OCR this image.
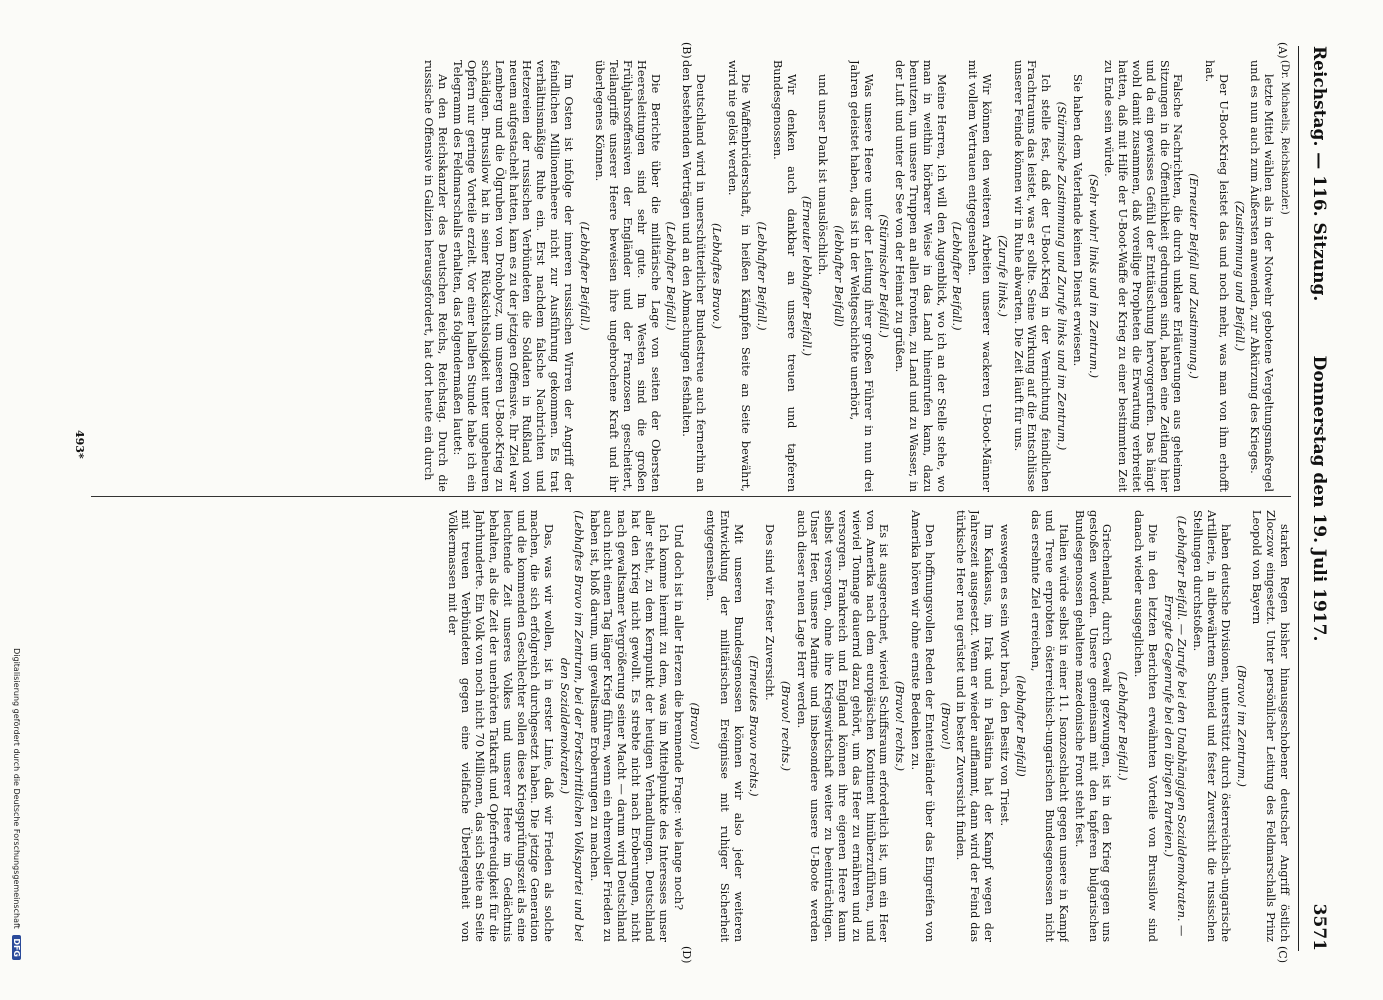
Reichstag. — 116. Sitzung.
Donnerstag den 19. Juli 1917.
3571
(A)
(B)
(C)
(D)

(Dr. Michaelis, Reichskanzler.)

letzte Mittel wählen als in der Notwehr gebotene Vergeltungsmaßregel und es nun auch zum Äußersten anwenden, zur Abkürzung des Krieges.

(Zustimmung und Beifall.)

Der U-Boot-Krieg leistet das und noch mehr, was man von ihm erhofft hat.

(Erneuter Beifall und Zustimmung.)

Falsche Nachrichten, die durch unklare Erläuterungen aus geheimen Sitzungen in die Öffentlichkeit gedrungen sind, haben eine Zeitlang hier und da ein gewisses Gefühl der Enttäuschung hervorgerufen. Das hängt wohl damit zusammen, daß voreilige Propheten die Erwartung verbreitet hatten, daß mit Hilfe der U-Boot-Waffe der Krieg zu einer bestimmten Zeit zu Ende sein würde.

(Sehr wahr! links und im Zentrum.)

Sie haben dem Vaterlande keinen Dienst erwiesen.

(Stürmische Zustimmung und Zurufe links und im Zentrum.)

Ich stelle fest, daß der U-Boot-Krieg in der Vernichtung feindlichen Frachtraums das leistet, was er sollte. Seine Wirkung auf die Entschlüsse unserer Feinde können wir in Ruhe abwarten. Die Zeit läuft für uns.

(Zurufe links.)

Wir können den weiteren Arbeiten unserer wackeren U-Boot-Männer mit vollem Vertrauen entgegensehen.

(Lebhafter Beifall.)

Meine Herren, ich will den Augenblick, wo ich an der Stelle stehe, wo man in weithin hörbarer Weise in das Land hineinrufen kann, dazu benutzen, um unsere Truppen an allen Fronten, zu Land und zu Wasser, in der Luft und unter der See von der Heimat zu grüßen.

(Stürmischer Beifall.)

Was unsere Heere unter der Leitung ihrer großen Führer in nun drei Jahren geleistet haben, das ist in der Weltgeschichte unerhört,

(lebhafter Beifall)

und unser Dank ist unauslöschlich.

(Erneuter lebhafter Beifall.)

Wir denken auch dankbar an unsere treuen und tapferen Bundesgenossen.

(Lebhafter Beifall.)

Die Waffenbrüderschaft, in heißen Kämpfen Seite an Seite bewährt, wird nie gelöst werden.

(Lebhaftes Bravo.)

Deutschland wird in unerschütterlicher Bundestreue auch fernerhin an den bestehenden Verträgen und an den Abmachungen festhalten.

(Lebhafter Beifall.)

Die Berichte über die militärische Lage von seiten der Obersten Heeresleitungen sind sehr gute. Im Westen sind die großen Frühjahrsoffensiven der Engländer und der Franzosen gescheitert, Teilangriffe unserer Heere beweisen ihre ungebrochene Kraft und ihr überlegenes Können.

(Lebhafter Beifall.)

Im Osten ist infolge der inneren russischen Wirren der Angriff der feindlichen Millionenheere nicht zur Ausführung gekommen. Es trat verhältnismäßige Ruhe ein. Erst nachdem falsche Nachrichten und Hetzereien der russischen Verbündeten die Soldaten in Rußland von neuem aufgestachelt hatten, kam es zu der jetzigen Offensive. Ihr Ziel war Lemberg und die Ölgruben von Drohobycz, um unseren U-Boot-Krieg zu schädigen. Brussilow hat in seiner Rücksichtslosigkeit unter ungeheuren Opfern nur geringe Vorteile erzielt. Vor einer halben Stunde habe ich ein Telegramm des Feldmarschalls erhalten, das folgendermaßen lautet:

An den Reichskanzler des Deutschen Reichs, Reichstag. Durch die russische Offensive in Galizien herausgefordert, hat dort heute ein durch

starken Regen bisher hinausgeschobener deutscher Angriff östlich Zloczow eingesetzt. Unter persönlicher Leitung des Feldmarschalls Prinz Leopold von Bayern

(Bravo! im Zentrum.)

haben deutsche Divisionen, unterstützt durch österreichisch-ungarische Artillerie, in altbewährtem Schneid und fester Zuversicht die russischen Stellungen durchstoßen.

(Lebhafter Beifall. — Zurufe bei den Unabhängigen Sozialdemokraten. — Erregte Gegenrufe bei den übrigen Parteien.)

Die in den letzten Berichten erwähnten Vorteile von Brussilow sind danach wieder ausgeglichen.

(Lebhafter Beifall.)

Griechenland, durch Gewalt gezwungen, ist in den Krieg gegen uns gestoßen worden. Unsere gemeinsam mit den tapferen bulgarischen Bundesgenossen gehaltene mazedonische Front steht fest.

Italien würde selbst in einer 11. Isonzoschlacht gegen unsere in Kampf und Treue erprobten österreichisch-ungarischen Bundesgenossen nicht das ersehnte Ziel erreichen,

(lebhafter Beifall)

weswegen es sein Wort brach, den Besitz von Triest.

Im Kaukasus, im Irak und in Palästina hat der Kampf wegen der Jahreszeit ausgesetzt. Wenn er wieder aufflammt, dann wird der Feind das türkische Heer neu gerüstet und in bester Zuversicht finden.

(Bravo!)

Den hoffnungsvollen Reden der Ententeländer über das Eingreifen von Amerika hören wir ohne ernste Bedenken zu.

(Bravo! rechts.)

Es ist ausgerechnet, wieviel Schiffsraum erforderlich ist, um ein Heer von Amerika nach dem europäischen Kontinent hinüberzuführen, und wieviel Tonnage dauernd dazu gehört, um das Heer zu ernähren und zu versorgen. Frankreich und England können ihre eigenen Heere kaum selbst versorgen, ohne ihre Kriegswirtschaft weiter zu beeinträchtigen. Unser Heer, unsere Marine und insbesondere unsere U-Boote werden auch dieser neuen Lage Herr werden.

(Bravo! rechts.)

Des sind wir fester Zuversicht.

(Erneutes Bravo rechts.)

Mit unseren Bundesgenossen können wir also jeder weiteren Entwicklung der militärischen Ereignisse mit ruhiger Sicherheit entgegensehen.

(Bravo!)

Und doch ist in aller Herzen die brennende Frage: wie lange noch?

Ich komme hiermit zu dem, was im Mittelpunkte des Interesses unser aller steht, zu dem Kernpunkt der heutigen Verhandlungen. Deutschland hat den Krieg nicht gewollt. Es strebte nicht nach Eroberungen, nicht nach gewaltsamer Vergrößerung seiner Macht — darum wird Deutschland auch nicht einen Tag länger Krieg führen, wenn ein ehrenvoller Frieden zu haben ist, bloß darum, um gewaltsame Eroberungen zu machen.

(Lebhaftes Bravo im Zentrum, bei der Fortschrittlichen Volkspartei und bei den Sozialdemokraten.)

Das, was wir wollen, ist in erster Linie, daß wir Frieden als solche machen, die sich erfolgreich durchgesetzt haben. Die jetzige Generation und die kommenden Geschlechter sollen diese Kriegsprüfungszeit als eine leuchtende Zeit unseres Volkes und unserer Heere im Gedächtnis behalten, als die Zeit der unerhörten Tatkraft und Opferfreudigkeit für die Jahrhunderte. Ein Volk von noch nicht 70 Millionen, das sich Seite an Seite mit treuen Verbündeten gegen eine vielfache Überlegenheit von Völkermassen mit der

493*
Digitalisierung gefördert durch die Deutsche Forschungsgemeinschaft DFG
